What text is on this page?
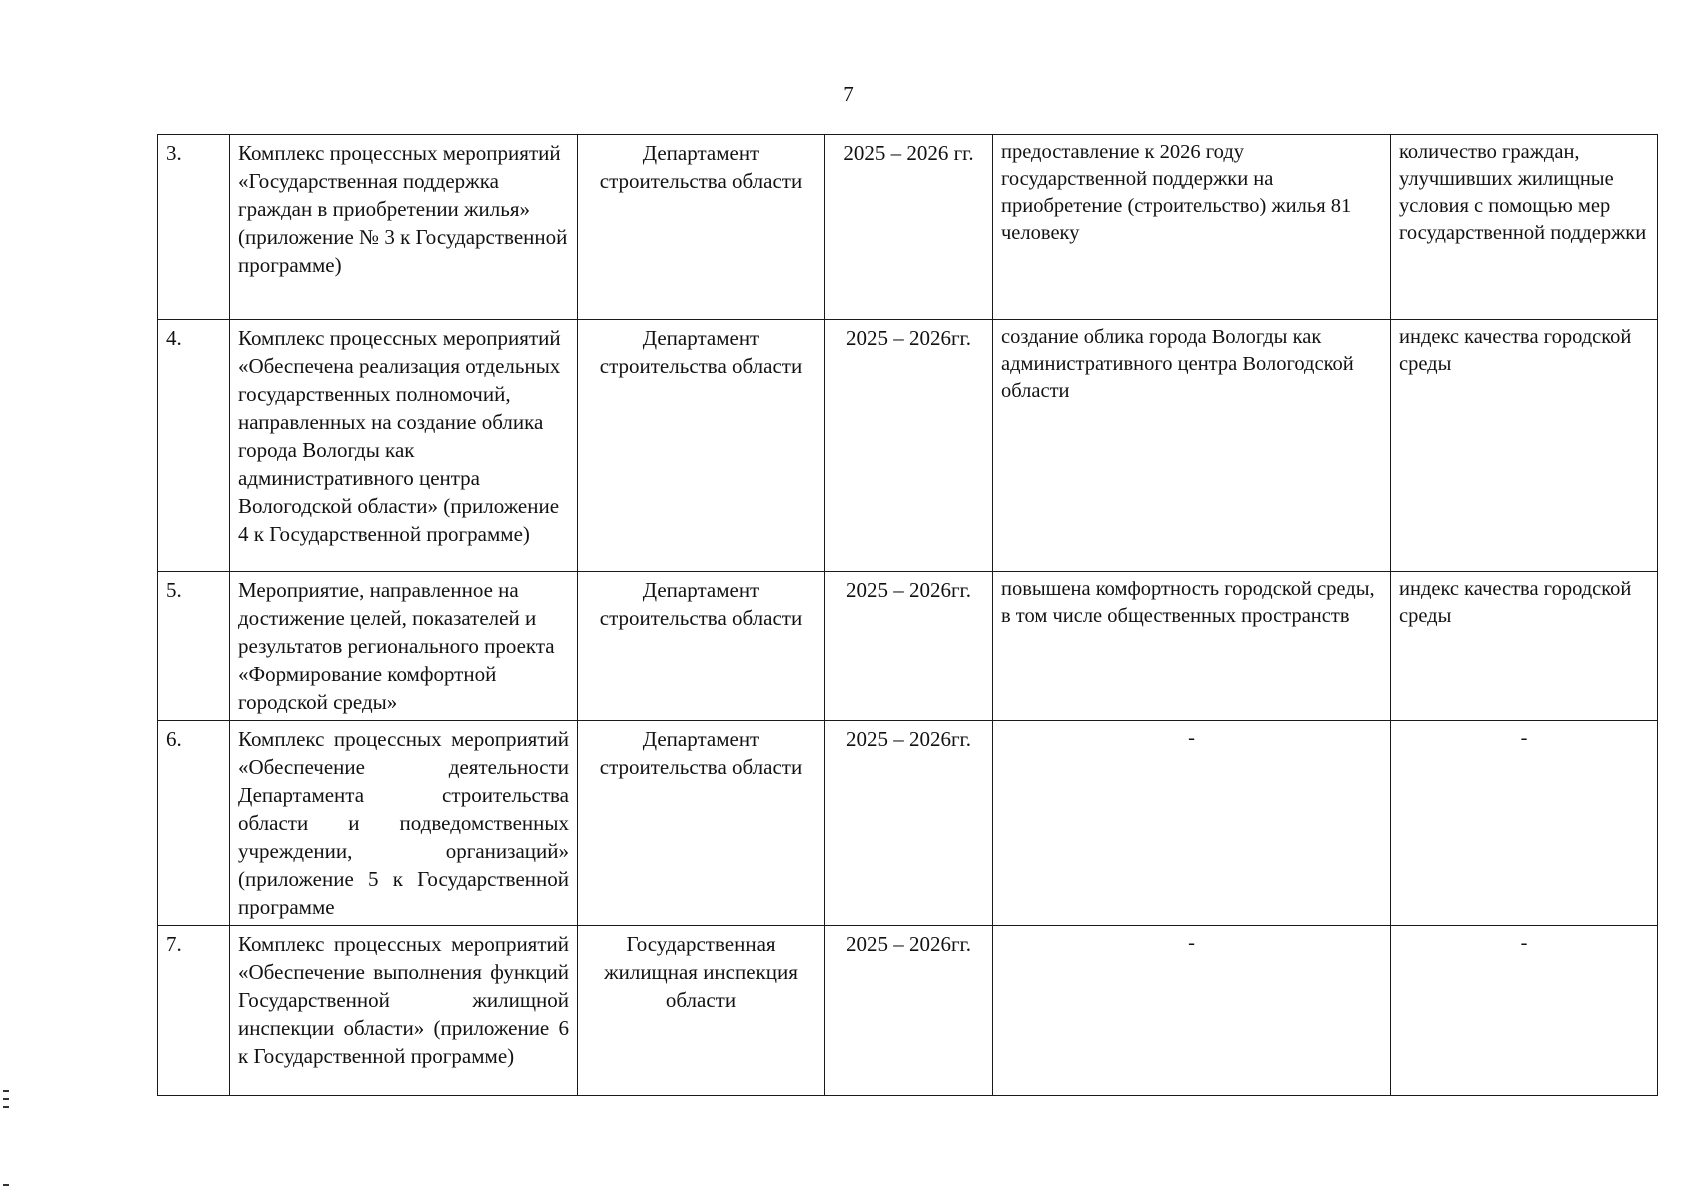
7
3.	Комплекс процессных мероприятий «Государственная поддержка граждан в приобретении жилья» (приложение № 3 к Государственной программе)	Департамент строительства области	2025 – 2026 гг.	предоставление к 2026 году государственной поддержки на приобретение (строительство) жилья 81 человеку	количество граждан, улучшивших жилищные условия с помощью мер государственной поддержки
4.	Комплекс процессных мероприятий «Обеспечена реализация отдельных государственных полномочий, направленных на создание облика города Вологды как административного центра Вологодской области» (приложение 4 к Государственной программе)	Департамент строительства области	2025 – 2026гг.	создание облика города Вологды как административного центра Вологодской области	индекс качества городской среды
5.	Мероприятие, направленное на достижение целей, показателей и результатов регионального проекта «Формирование комфортной городской среды»	Департамент строительства области	2025 – 2026гг.	повышена комфортность городской среды, в том числе общественных пространств	индекс качества городской среды
6.	Комплекс процессных мероприятий «Обеспечение деятельности Департамента строительства области и подведомственных учреждении, организаций» (приложение 5 к Государственной программе	Департамент строительства области	2025 – 2026гг.	-	-
7.	Комплекс процессных мероприятий «Обеспечение выполнения функций Государственной жилищной инспекции области» (приложение 6 к Государственной программе)	Государственная жилищная инспекция области	2025 – 2026гг.	-	-
